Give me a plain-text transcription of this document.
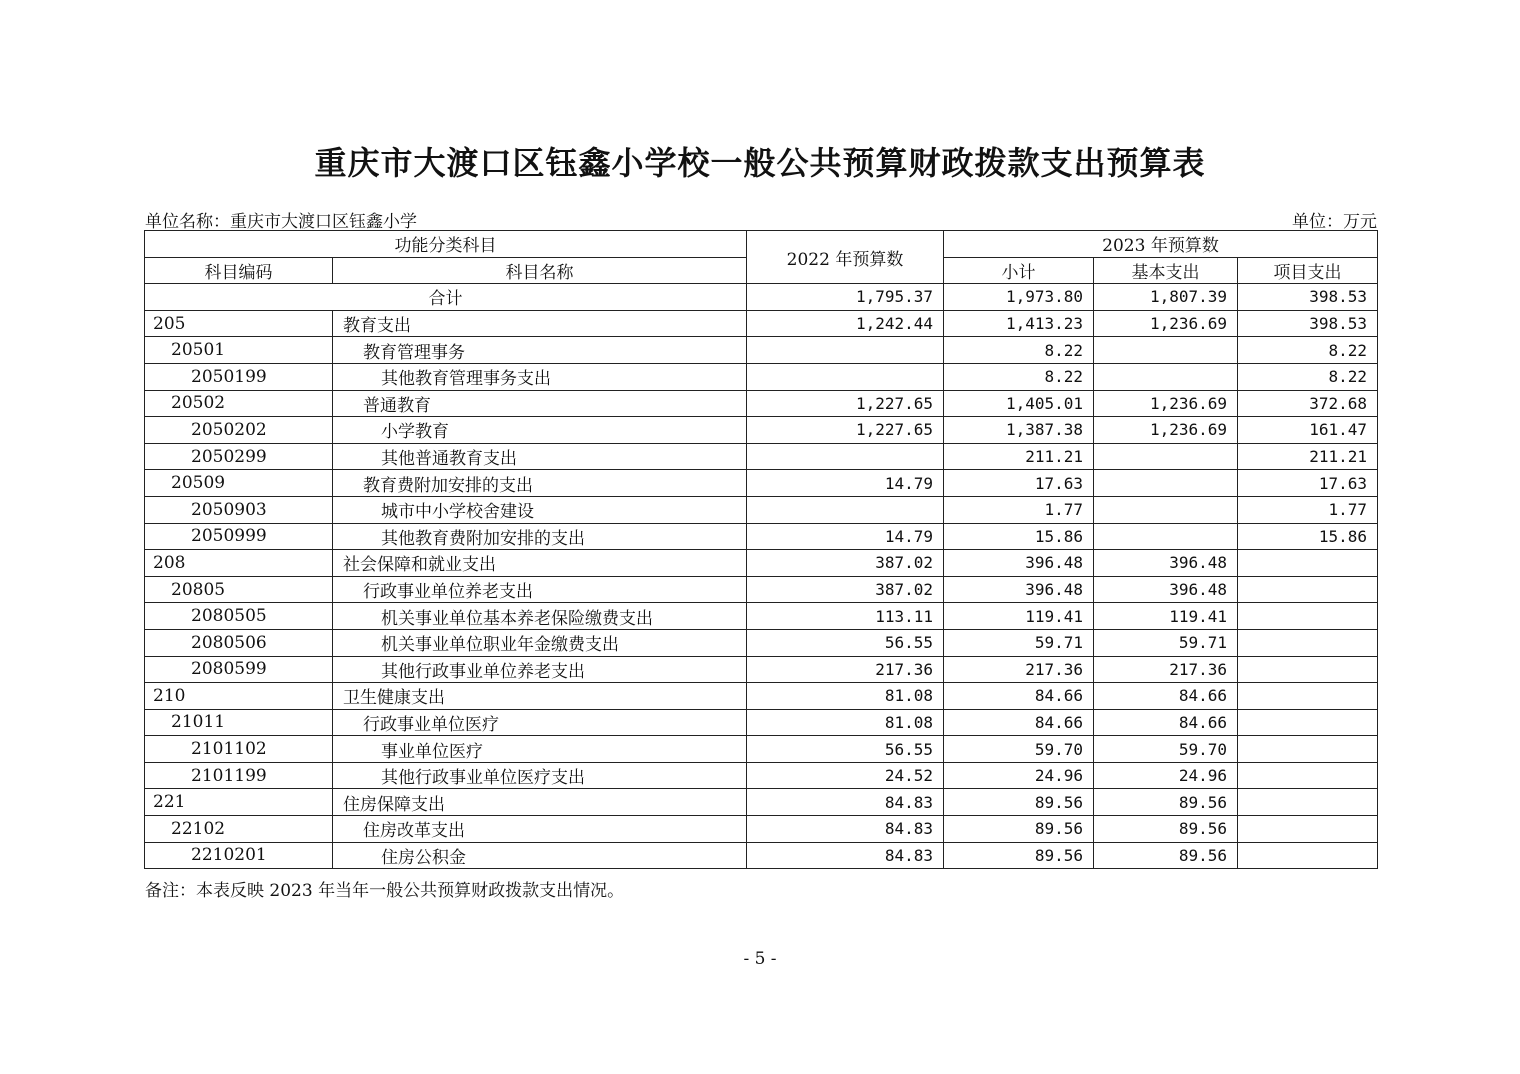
重庆市大渡口区钰鑫小学校一般公共预算财政拨款支出预算表
单位名称：重庆市大渡口区钰鑫小学	单位：万元
功能分类科目		2022 年预算数	2023 年预算数		
科目编码	科目名称		小计	基本支出	项目支出
合计		1,795.37	1,973.80	1,807.39	398.53
205	教育支出	1,242.44	1,413.23	1,236.69	398.53
20501	教育管理事务		8.22		8.22
2050199	其他教育管理事务支出		8.22		8.22
20502	普通教育	1,227.65	1,405.01	1,236.69	372.68
2050202	小学教育	1,227.65	1,387.38	1,236.69	161.47
2050299	其他普通教育支出		211.21		211.21
20509	教育费附加安排的支出	14.79	17.63		17.63
2050903	城市中小学校舍建设		1.77		1.77
2050999	其他教育费附加安排的支出	14.79	15.86		15.86
208	社会保障和就业支出	387.02	396.48	396.48	
20805	行政事业单位养老支出	387.02	396.48	396.48	
2080505	机关事业单位基本养老保险缴费支出	113.11	119.41	119.41	
2080506	机关事业单位职业年金缴费支出	56.55	59.71	59.71	
2080599	其他行政事业单位养老支出	217.36	217.36	217.36	
210	卫生健康支出	81.08	84.66	84.66	
21011	行政事业单位医疗	81.08	84.66	84.66	
2101102	事业单位医疗	56.55	59.70	59.70	
2101199	其他行政事业单位医疗支出	24.52	24.96	24.96	
221	住房保障支出	84.83	89.56	89.56	
22102	住房改革支出	84.83	89.56	89.56	
2210201	住房公积金	84.83	89.56	89.56	
备注：本表反映 2023 年当年一般公共预算财政拨款支出情况。
- 5 -
